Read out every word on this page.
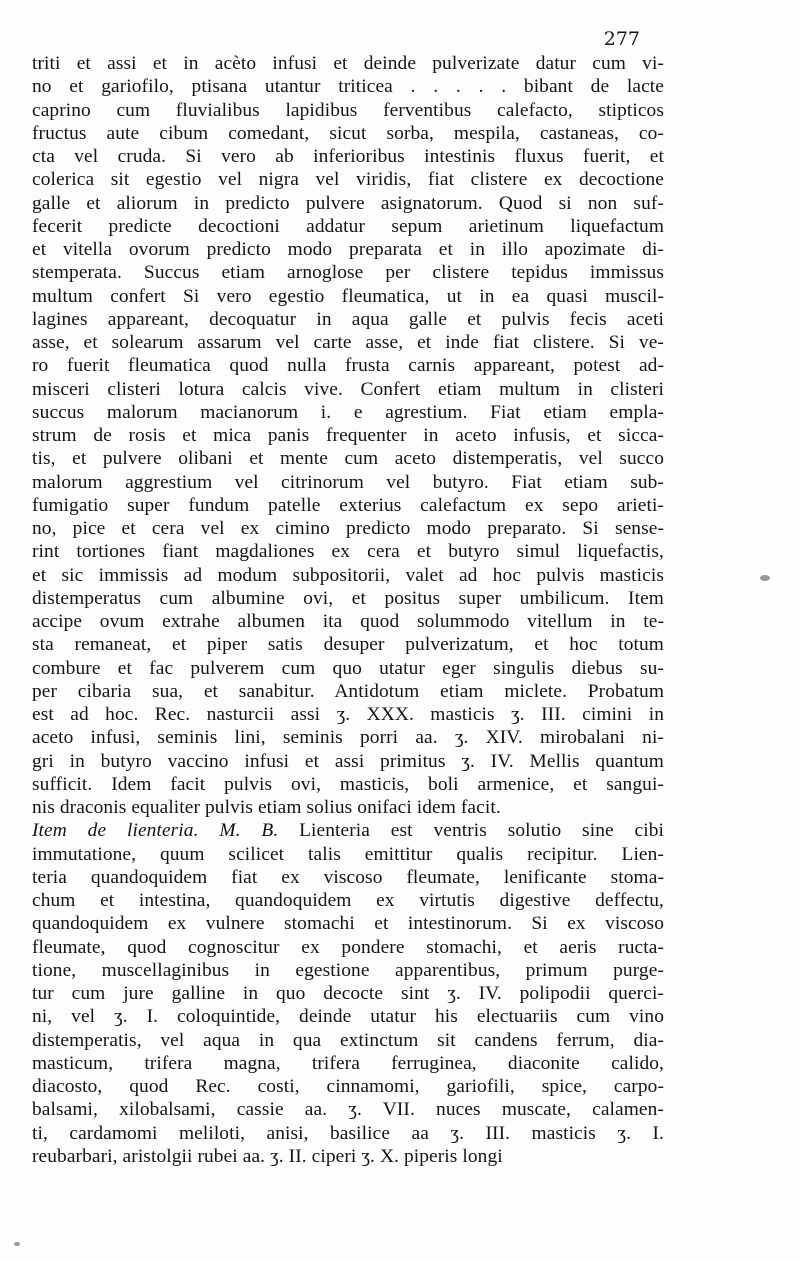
277
triti et assi et in acèto infusi et deinde pulverizate datur cum vi-
no et gariofilo, ptisana utantur triticea . . . . . bibant de lacte
caprino cum fluvialibus lapidibus ferventibus calefacto, stipticos
fructus aute cibum comedant, sicut sorba, mespila, castaneas, co-
cta vel cruda. Si vero ab inferioribus intestinis fluxus fuerit, et
colerica sit egestio vel nigra vel viridis, fiat clistere ex decoctione
galle et aliorum in predicto pulvere asignatorum. Quod si non suf-
fecerit predicte decoctioni addatur sepum arietinum liquefactum
et vitella ovorum predicto modo preparata et in illo apozimate di-
stemperata. Succus etiam arnoglose per clistere tepidus immissus
multum confert Si vero egestio fleumatica, ut in ea quasi muscil-
lagines appareant, decoquatur in aqua galle et pulvis fecis aceti
asse, et solearum assarum vel carte asse, et inde fiat clistere. Si ve-
ro fuerit fleumatica quod nulla frusta carnis appareant, potest ad-
misceri clisteri lotura calcis vive. Confert etiam multum in clisteri
succus malorum macianorum i. e agrestium. Fiat etiam empla-
strum de rosis et mica panis frequenter in aceto infusis, et sicca-
tis, et pulvere olibani et mente cum aceto distemperatis, vel succo
malorum aggrestium vel citrinorum vel butyro. Fiat etiam sub-
fumigatio super fundum patelle exterius calefactum ex sepo arieti-
no, pice et cera vel ex cimino predicto modo preparato. Si sense-
rint tortiones fiant magdaliones ex cera et butyro simul liquefactis,
et sic immissis ad modum subpositorii, valet ad hoc pulvis masticis
distemperatus cum albumine ovi, et positus super umbilicum. Item
accipe ovum extrahe albumen ita quod solummodo vitellum in te-
sta remaneat, et piper satis desuper pulverizatum, et hoc totum
combure et fac pulverem cum quo utatur eger singulis diebus su-
per cibaria sua, et sanabitur. Antidotum etiam miclete. Probatum
est ad hoc. Rec. nasturcii assi ʒ. XXX. masticis ʒ. III. cimini in
aceto infusi, seminis lini, seminis porri aa. ʒ. XIV. mirobalani ni-
gri in butyro vaccino infusi et assi primitus ʒ. IV. Mellis quantum
sufficit. Idem facit pulvis ovi, masticis, boli armenice, et sangui-
nis draconis equaliter pulvis etiam solius onifaci idem facit.
Item de lienteria. M. B. Lienteria est ventris solutio sine cibi
immutatione, quum scilicet talis emittitur qualis recipitur. Lien-
teria quandoquidem fiat ex viscoso fleumate, lenificante stoma-
chum et intestina, quandoquidem ex virtutis digestive deffectu,
quandoquidem ex vulnere stomachi et intestinorum. Si ex viscoso
fleumate, quod cognoscitur ex pondere stomachi, et aeris ructa-
tione, muscellaginibus in egestione apparentibus, primum purge-
tur cum jure galline in quo decocte sint ʒ. IV. polipodii querci-
ni, vel ʒ. I. coloquintide, deinde utatur his electuariis cum vino
distemperatis, vel aqua in qua extinctum sit candens ferrum, dia-
masticum, trifera magna, trifera ferruginea, diaconite calido,
diacosto, quod Rec. costi, cinnamomi, gariofili, spice, carpo-
balsami, xilobalsami, cassie aa. ʒ. VII. nuces muscate, calamen-
ti, cardamomi meliloti, anisi, basilice aa ʒ. III. masticis ʒ. I.
reubarbari, aristolgii rubei aa. ʒ. II. ciperi ʒ. X. piperis longi
